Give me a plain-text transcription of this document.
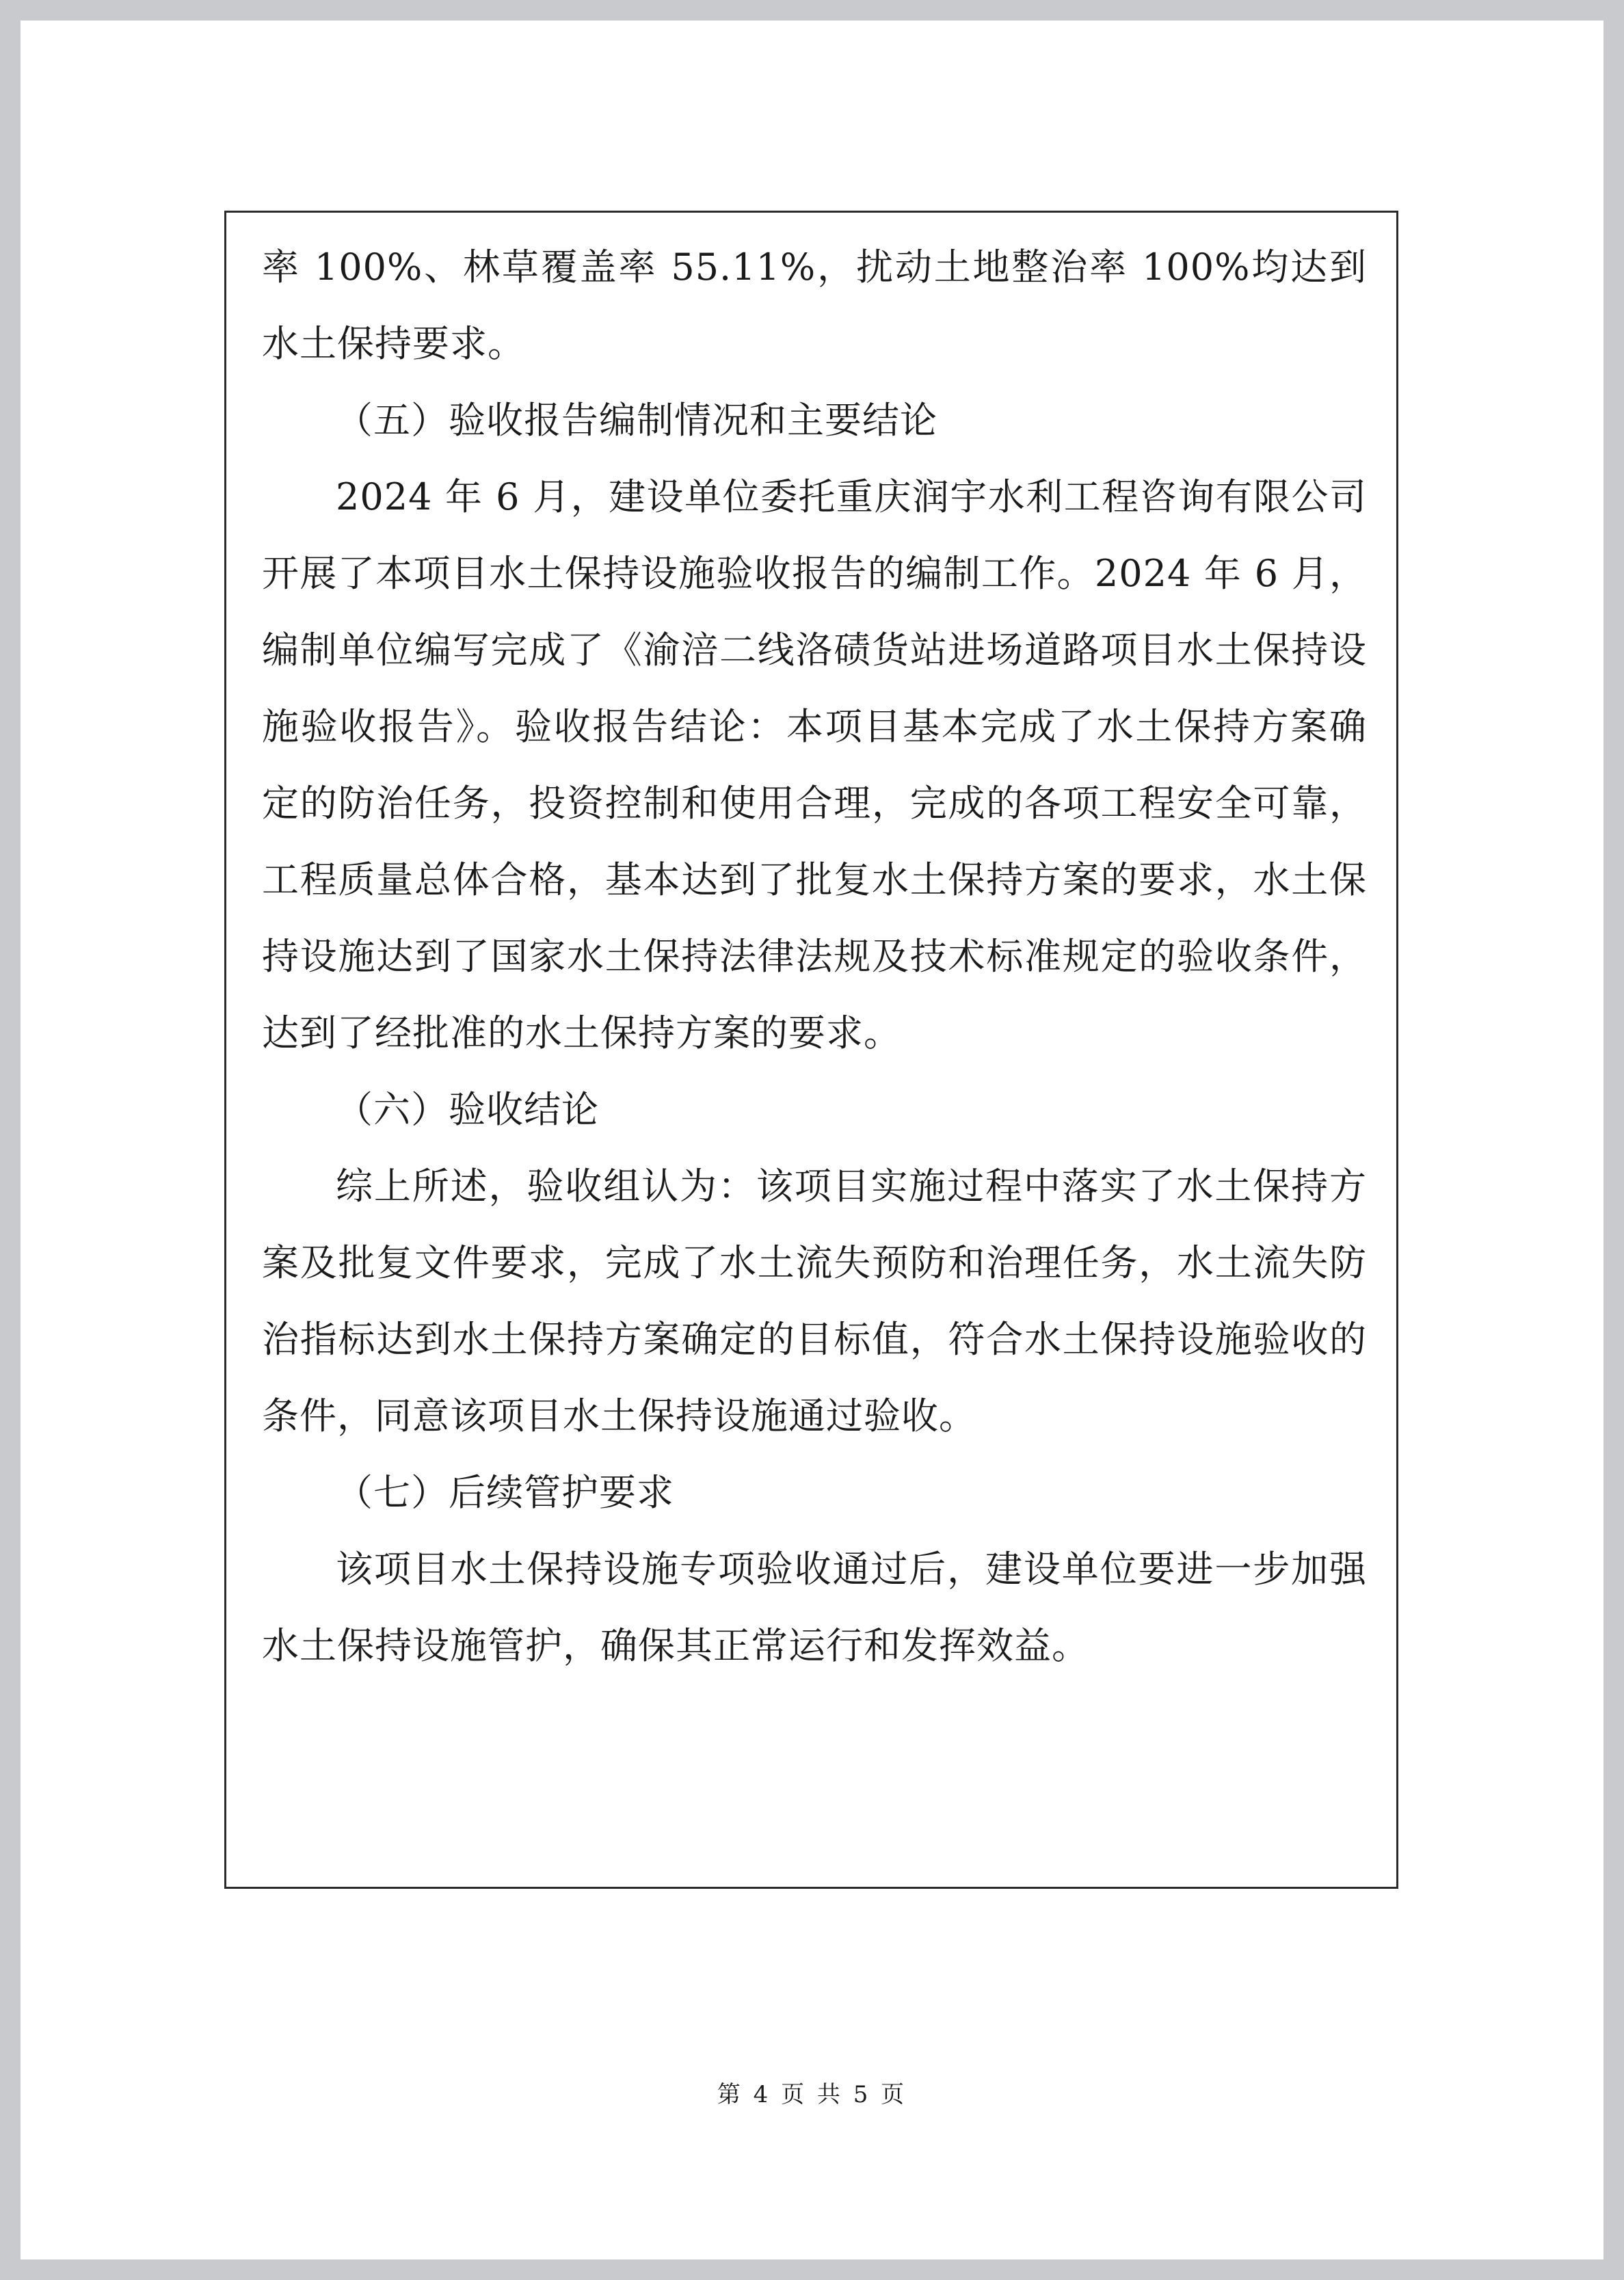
率 100%、林草覆盖率 55.11%，扰动土地整治率 100%均达到水土保持要求。

（五）验收报告编制情况和主要结论

2024 年 6 月，建设单位委托重庆润宇水利工程咨询有限公司开展了本项目水土保持设施验收报告的编制工作。2024 年 6 月，编制单位编写完成了《渝涪二线洛碛货站进场道路项目水土保持设施验收报告》。验收报告结论：本项目基本完成了水土保持方案确定的防治任务，投资控制和使用合理，完成的各项工程安全可靠，工程质量总体合格，基本达到了批复水土保持方案的要求，水土保持设施达到了国家水土保持法律法规及技术标准规定的验收条件，达到了经批准的水土保持方案的要求。

（六）验收结论

综上所述，验收组认为：该项目实施过程中落实了水土保持方案及批复文件要求，完成了水土流失预防和治理任务，水土流失防治指标达到水土保持方案确定的目标值，符合水土保持设施验收的条件，同意该项目水土保持设施通过验收。

（七）后续管护要求

该项目水土保持设施专项验收通过后，建设单位要进一步加强水土保持设施管护，确保其正常运行和发挥效益。

第 4 页 共 5 页
